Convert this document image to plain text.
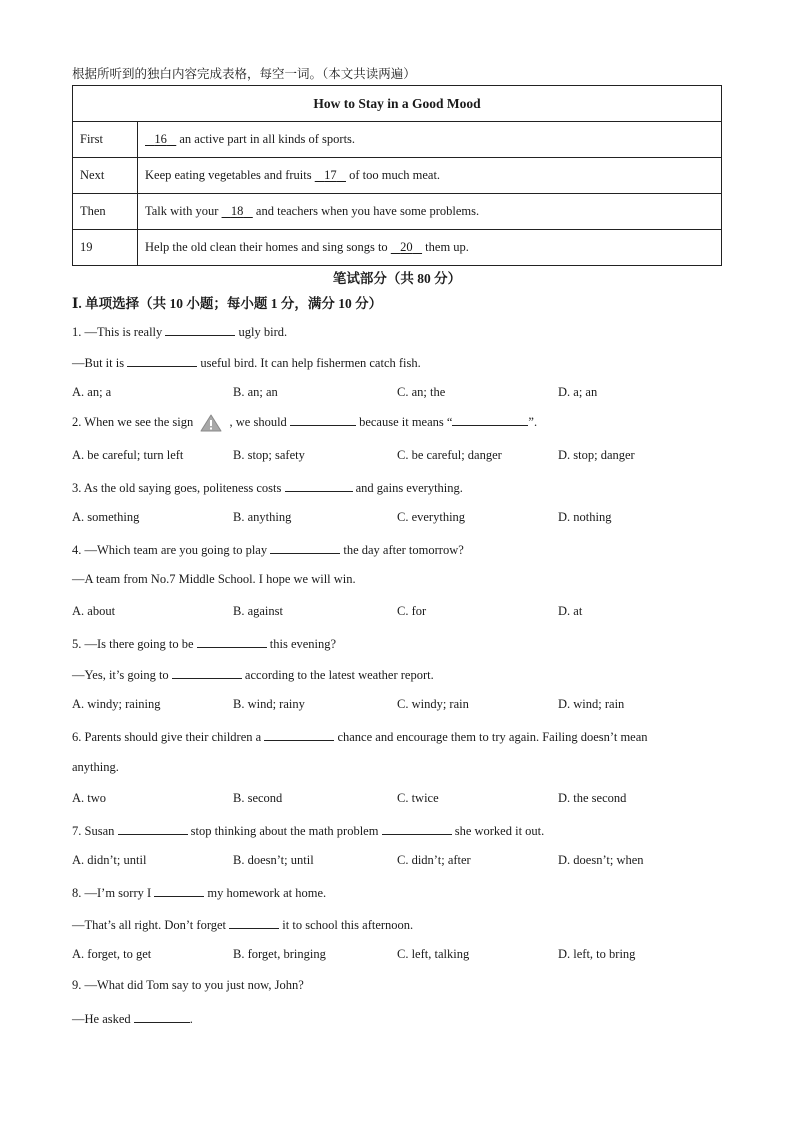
根据所听到的独白内容完成表格，每空一词。（本文共读两遍）
How to Stay in a Good Mood	
First	16 an active part in all kinds of sports.
Next	Keep eating vegetables and fruits 17 of too much meat.
Then	Talk with your 18 and teachers when you have some problems.
19	Help the old clean their homes and sing songs to 20 them up.
笔试部分（共 80 分）
Ⅰ. 单项选择（共 10 小题；每小题 1 分，满分 10 分）
1. —This is really	ugly bird.
—But it is	useful bird. It can help fishermen catch fish.
A. an; a	B. an; an	C. an; the	D. a; an
2. When we see the sign	, we should	because it means “	”.
A. be careful; turn left	B. stop; safety	C. be careful; danger	D. stop; danger
3. As the old saying goes, politeness costs	and gains everything.
A. something	B. anything	C. everything	D. nothing
4. —Which team are you going to play	the day after tomorrow?
—A team from No.7 Middle School. I hope we will win.
A. about	B. against	C. for	D. at
5. —Is there going to be	this evening?
—Yes, it’s going to	according to the latest weather report.
A. windy; raining	B. wind; rainy	C. windy; rain	D. wind; rain
6. Parents should give their children a	chance and encourage them to try again. Failing doesn’t mean
anything.
A. two	B. second	C. twice	D. the second
7. Susan	stop thinking about the math problem	she worked it out.
A. didn’t; until	B. doesn’t; until	C. didn’t; after	D. doesn’t; when
8. —I’m sorry I	my homework at home.
—That’s all right. Don’t forget	it to school this afternoon.
A. forget, to get	B. forget, bringing	C. left, talking	D. left, to bring
9. —What did Tom say to you just now, John?
—He asked	.
